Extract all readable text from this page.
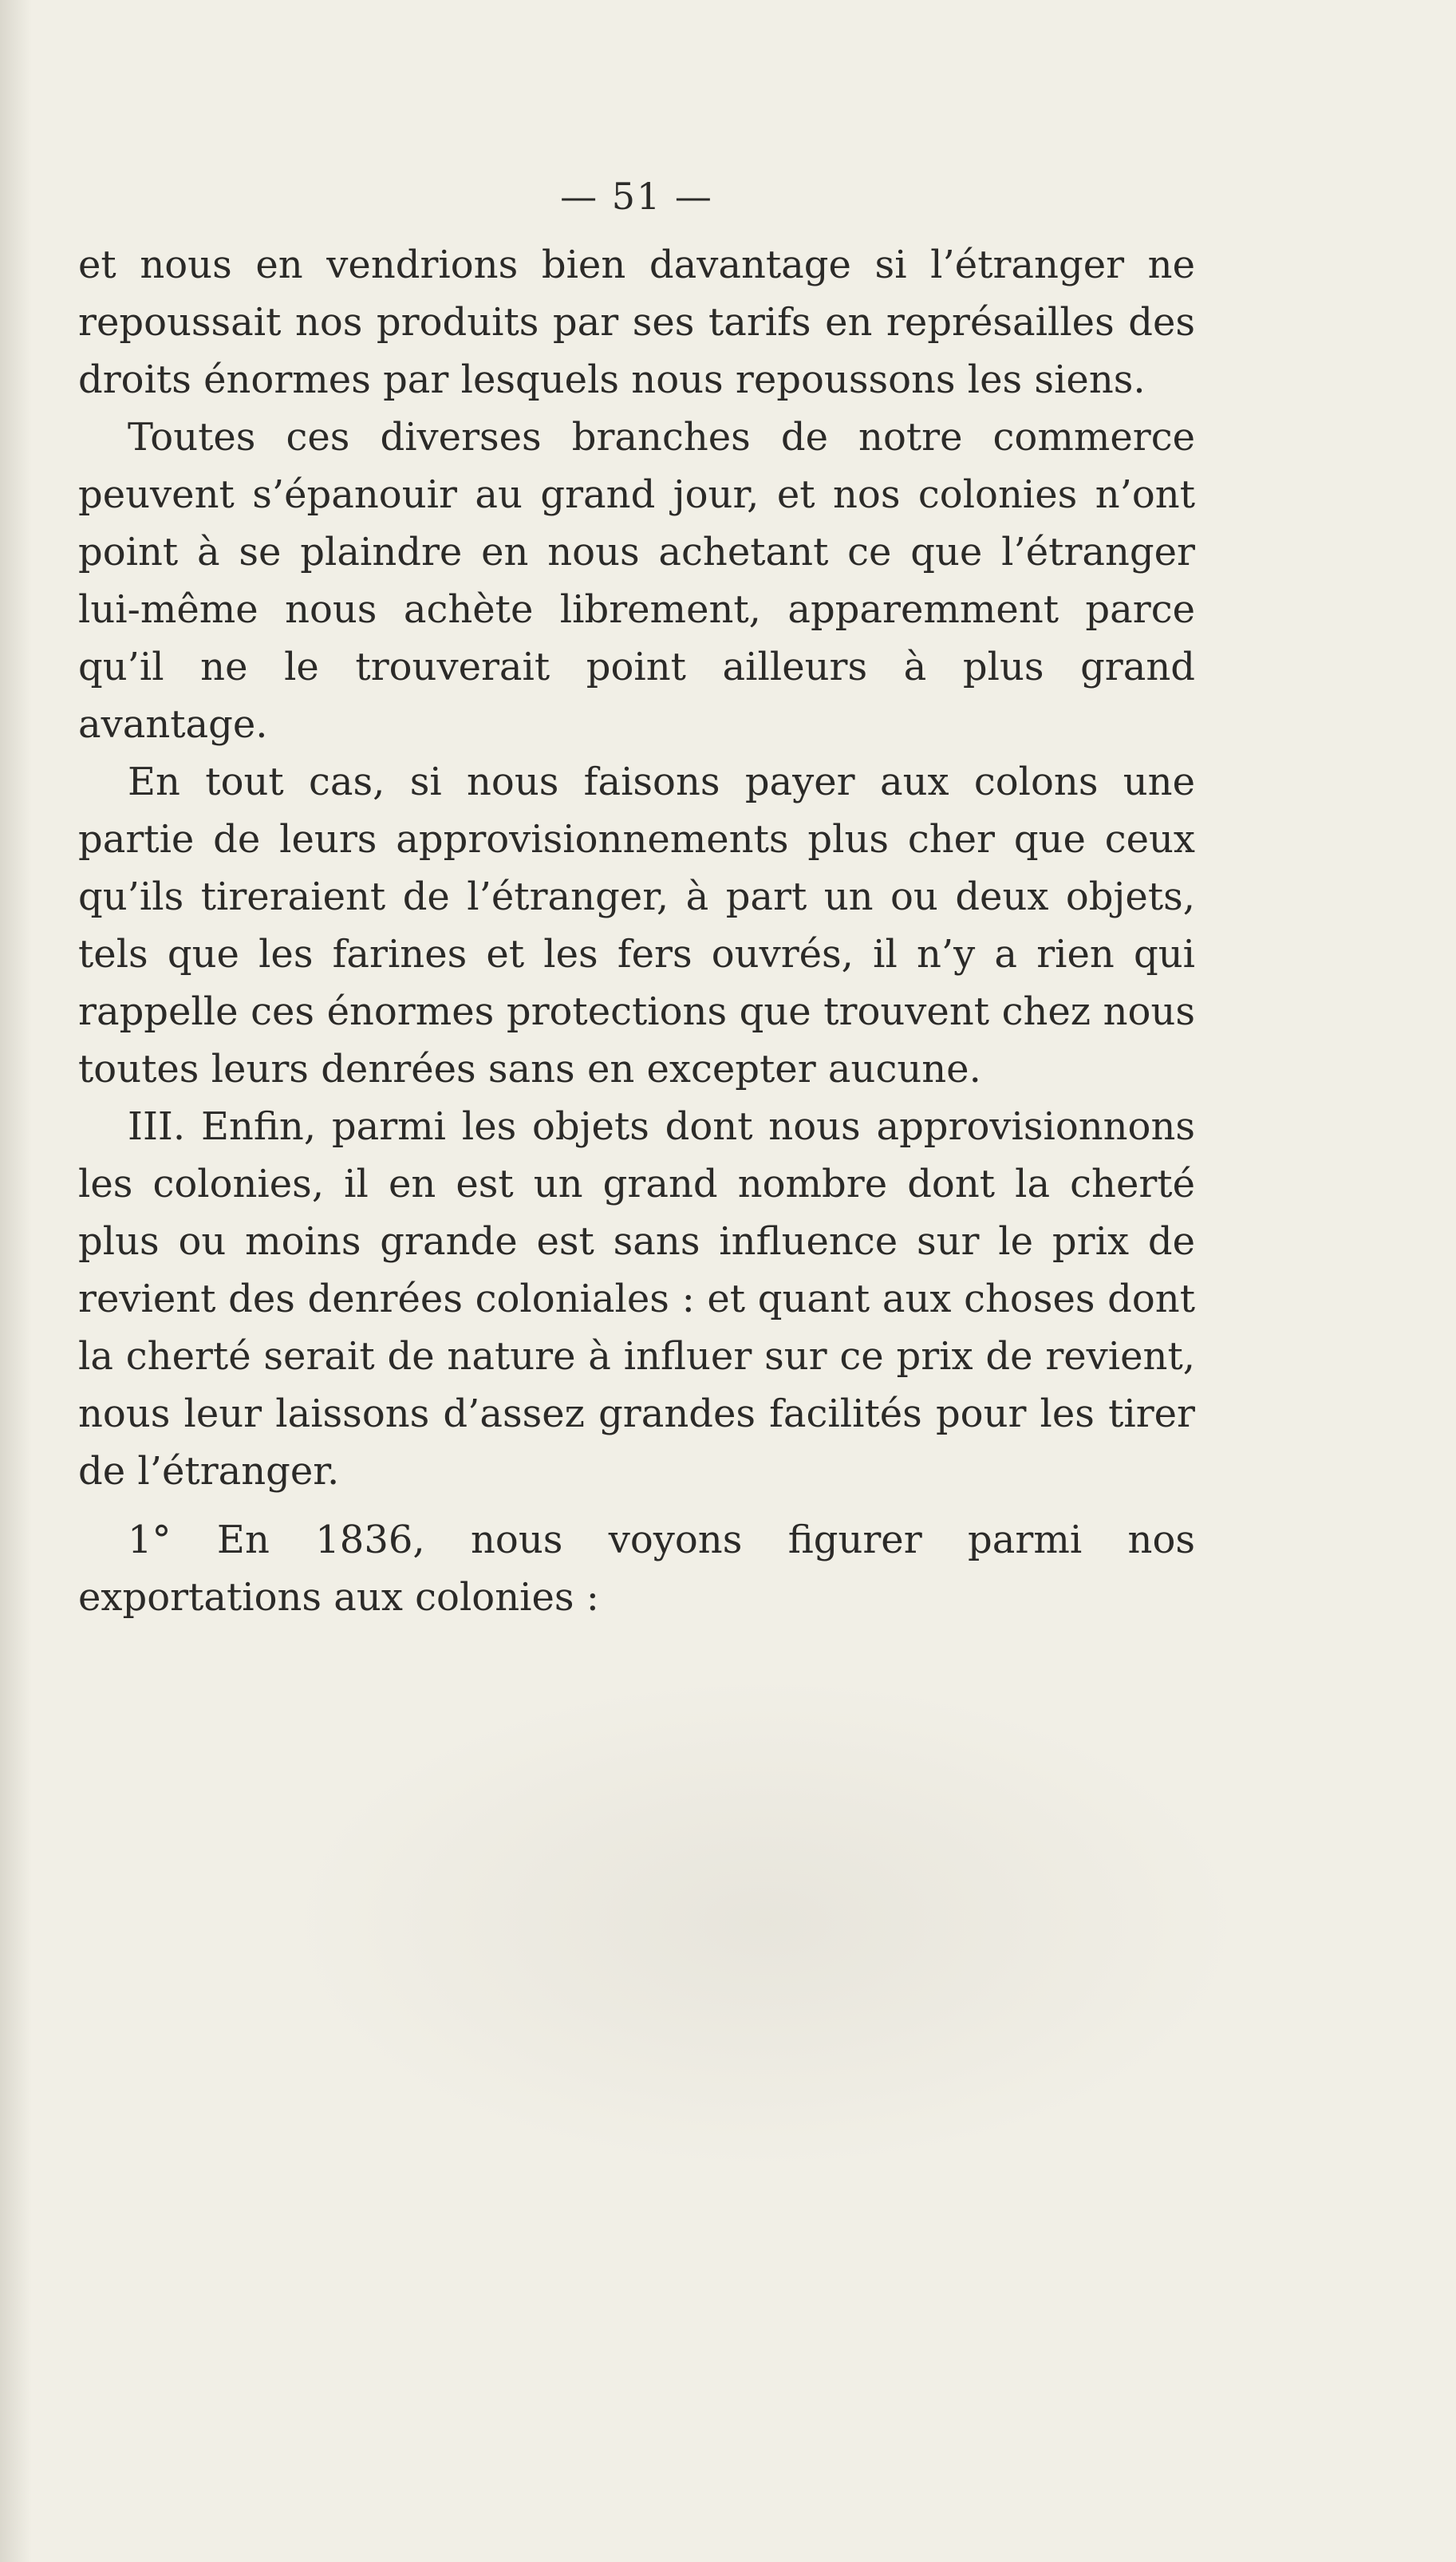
— 51 —

et nous en vendrions bien davantage si l’étranger ne repoussait nos produits par ses tarifs en représailles des droits énormes par lesquels nous repoussons les siens.

Toutes ces diverses branches de notre commerce peuvent s’épanouir au grand jour, et nos colonies n’ont point à se plaindre en nous achetant ce que l’étranger lui-même nous achète librement, apparemment parce qu’il ne le trouverait point ailleurs à plus grand avantage.

En tout cas, si nous faisons payer aux colons une partie de leurs approvisionnements plus cher que ceux qu’ils tireraient de l’étranger, à part un ou deux objets, tels que les farines et les fers ouvrés, il n’y a rien qui rappelle ces énormes protections que trouvent chez nous toutes leurs denrées sans en excepter aucune.

III. Enfin, parmi les objets dont nous approvisionnons les colonies, il en est un grand nombre dont la cherté plus ou moins grande est sans influence sur le prix de revient des denrées coloniales : et quant aux choses dont la cherté serait de nature à influer sur ce prix de revient, nous leur laissons d’assez grandes facilités pour les tirer de l’étranger.

1° En 1836, nous voyons figurer parmi nos exportations aux colonies :
